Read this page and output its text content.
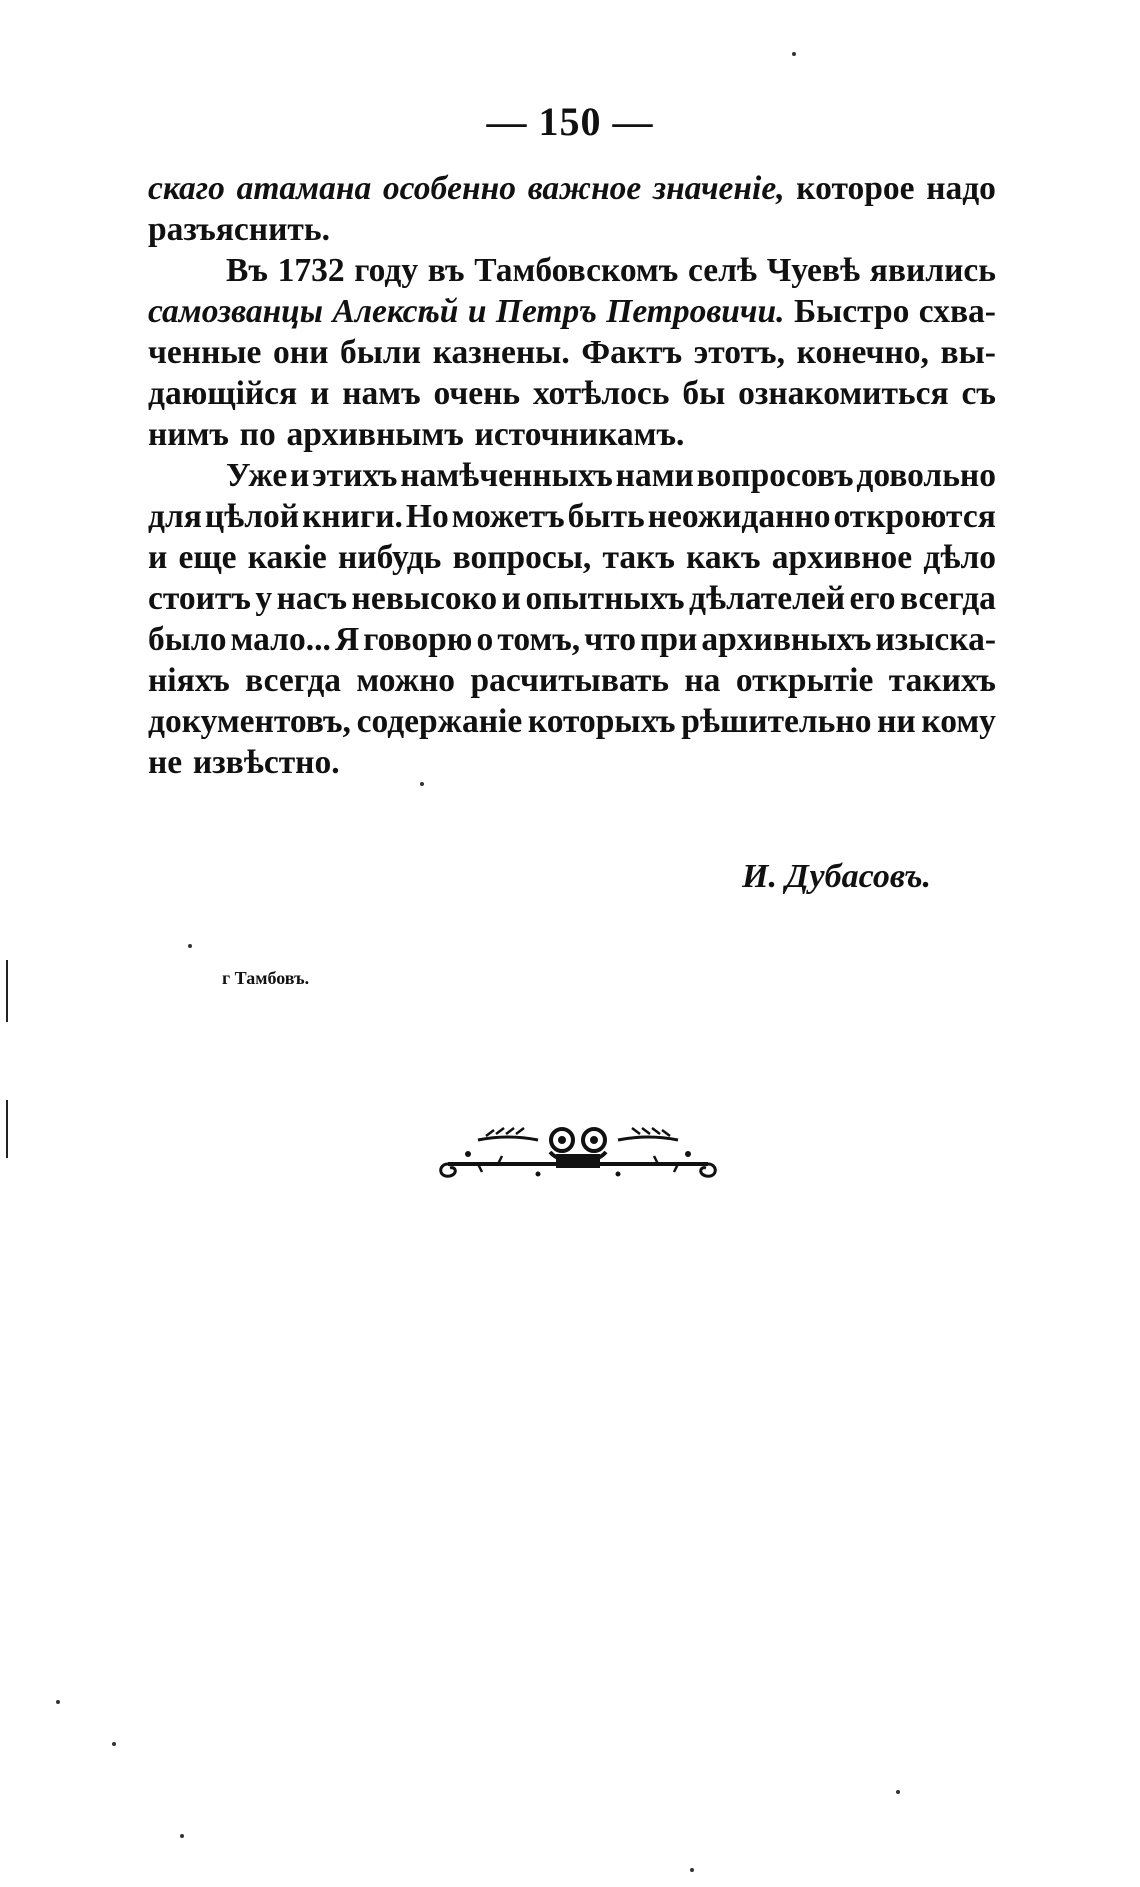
— 150 —
скаго атамана особенно важное значеніе, которое надо
разъяснить.
Въ 1732 году въ Тамбовскомъ селѣ Чуевѣ явились
самозванцы Алексѣй и Петръ Петровичи. Быстро схва-
ченные они были казнены. Фактъ этотъ, конечно, вы-
дающійся и намъ очень хотѣлось бы ознакомиться съ
нимъ по архивнымъ источникамъ.
Уже и этихъ намѣченныхъ нами вопросовъ довольно
для цѣлой книги. Но можетъ быть неожиданно откроются
и еще какіе нибудь вопросы, такъ какъ архивное дѣло
стоитъ у насъ невысоко и опытныхъ дѣлателей его всегда
было мало... Я говорю о томъ, что при архивныхъ изыска-
ніяхъ всегда можно расчитывать на открытіе такихъ
документовъ, содержаніе которыхъ рѣшительно ни кому
не извѣстно.
И. Дубасовъ.
г Тамбовъ.
